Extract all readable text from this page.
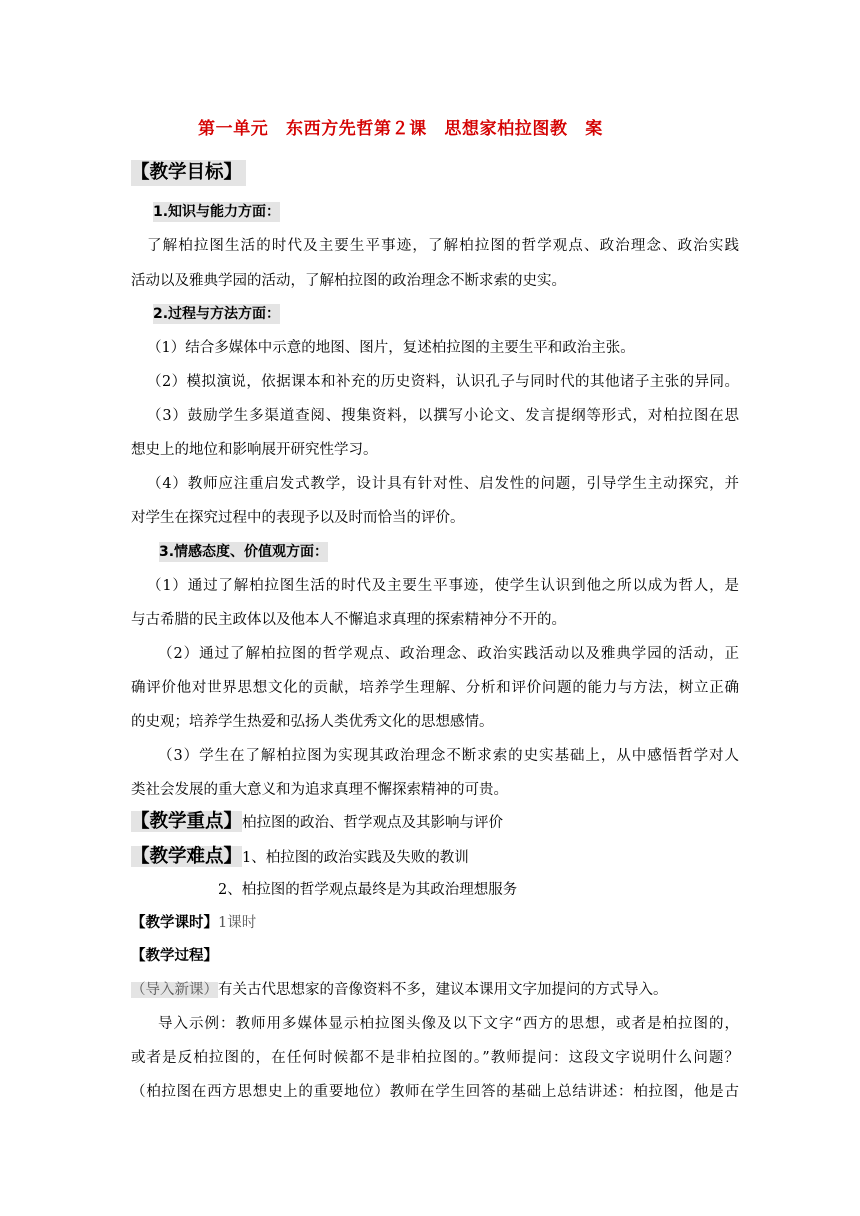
第一单元　东西方先哲第２课　思想家柏拉图教　案
【教学目标】
1.知识与能力方面：
了解柏拉图生活的时代及主要生平事迹，了解柏拉图的哲学观点、政治理念、政治实践
活动以及雅典学园的活动，了解柏拉图的政治理念不断求索的史实。
2.过程与方法方面：
（1）结合多媒体中示意的地图、图片，复述柏拉图的主要生平和政治主张。
（2）模拟演说，依据课本和补充的历史资料，认识孔子与同时代的其他诸子主张的异同。
（3）鼓励学生多渠道查阅、搜集资料，以撰写小论文、发言提纲等形式，对柏拉图在思
想史上的地位和影响展开研究性学习。
（4）教师应注重启发式教学，设计具有针对性、启发性的问题，引导学生主动探究，并
对学生在探究过程中的表现予以及时而恰当的评价。
3.情感态度、价值观方面：
（1）通过了解柏拉图生活的时代及主要生平事迹，使学生认识到他之所以成为哲人，是
与古希腊的民主政体以及他本人不懈追求真理的探索精神分不开的。
（2）通过了解柏拉图的哲学观点、政治理念、政治实践活动以及雅典学园的活动，正
确评价他对世界思想文化的贡献，培养学生理解、分析和评价问题的能力与方法，树立正确
的史观；培养学生热爱和弘扬人类优秀文化的思想感情。
（3）学生在了解柏拉图为实现其政治理念不断求索的史实基础上，从中感悟哲学对人
类社会发展的重大意义和为追求真理不懈探索精神的可贵。
【教学重点】柏拉图的政治、哲学观点及其影响与评价
【教学难点】1、柏拉图的政治实践及失败的教训
2、柏拉图的哲学观点最终是为其政治理想服务
【教学课时】1课时
【教学过程】
（导入新课）有关古代思想家的音像资料不多，建议本课用文字加提问的方式导入。
导入示例：教师用多媒体显示柏拉图头像及以下文字“西方的思想，或者是柏拉图的，
或者是反柏拉图的，在任何时候都不是非柏拉图的。”教师提问：这段文字说明什么问题？
（柏拉图在西方思想史上的重要地位）教师在学生回答的基础上总结讲述：柏拉图，他是古
